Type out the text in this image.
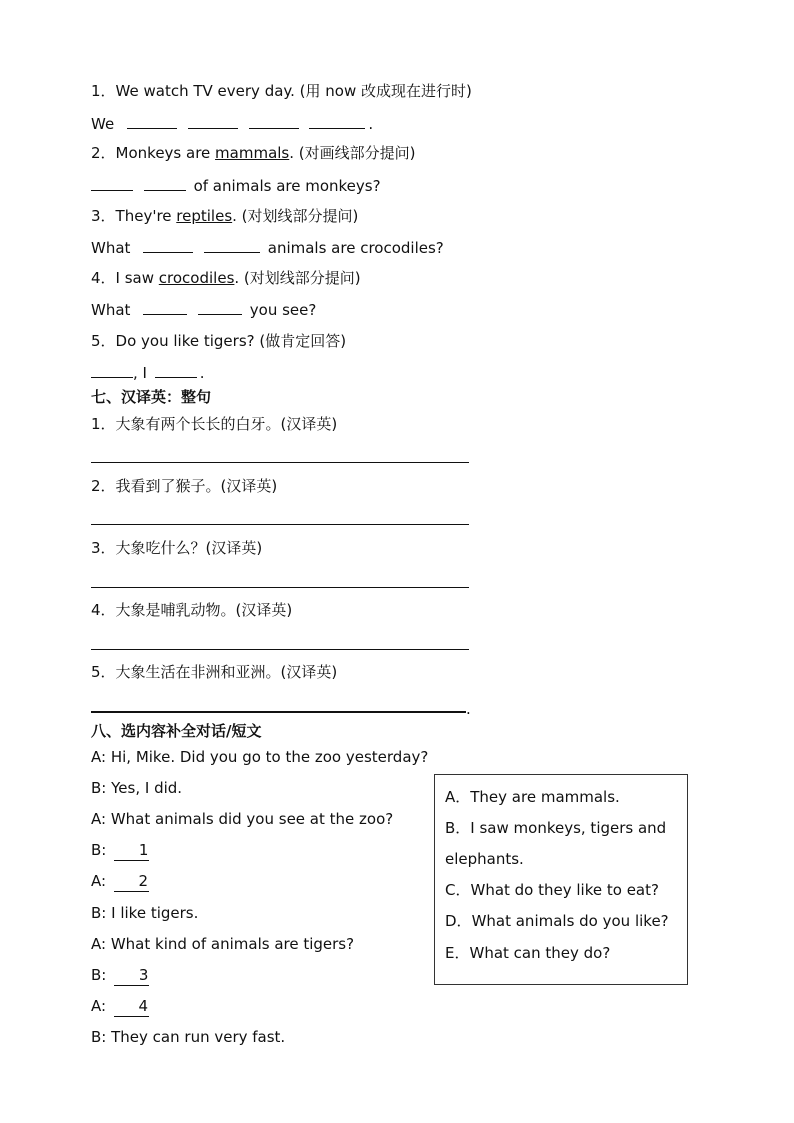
1．We watch TV every day. (用 now 改成现在进行时)
We	.
2．Monkeys are mammals. (对画线部分提问)
of animals are monkeys?
3．They're reptiles. (对划线部分提问)
What	animals are crocodiles?
4．I saw crocodiles. (对划线部分提问)
What	you see?
5．Do you like tigers? (做肯定回答)
, I	.
七、汉译英：整句
1．大象有两个长长的白牙。(汉译英)
2．我看到了猴子。(汉译英)
3．大象吃什么？(汉译英)
4．大象是哺乳动物。(汉译英)
5．大象生活在非洲和亚洲。(汉译英)
.
八、选内容补全对话/短文
A: Hi, Mike. Did you go to the zoo yesterday?
B: Yes, I did.
A: What animals did you see at the zoo?
B: 1
A: 2
B: I like tigers.
A: What kind of animals are tigers?
B: 3
A: 4
B: They can run very fast.
A．They are mammals.
B．I saw monkeys, tigers and
elephants.
C．What do they like to eat?
D．What animals do you like?
E．What can they do?
